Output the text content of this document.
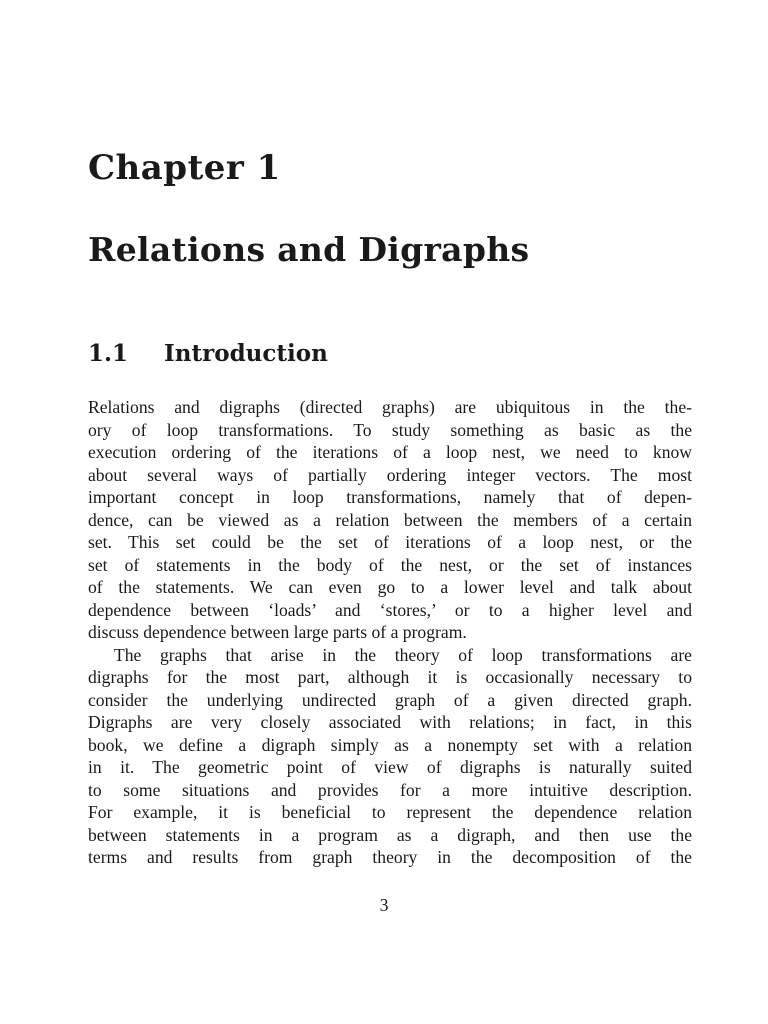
Chapter 1
Relations and Digraphs
1.1 Introduction
Relations and digraphs (directed graphs) are ubiquitous in the the-
ory of loop transformations. To study something as basic as the
execution ordering of the iterations of a loop nest, we need to know
about several ways of partially ordering integer vectors. The most
important concept in loop transformations, namely that of depen-
dence, can be viewed as a relation between the members of a certain
set. This set could be the set of iterations of a loop nest, or the
set of statements in the body of the nest, or the set of instances
of the statements. We can even go to a lower level and talk about
dependence between ‘loads’ and ‘stores,’ or to a higher level and
discuss dependence between large parts of a program.
The graphs that arise in the theory of loop transformations are
digraphs for the most part, although it is occasionally necessary to
consider the underlying undirected graph of a given directed graph.
Digraphs are very closely associated with relations; in fact, in this
book, we define a digraph simply as a nonempty set with a relation
in it. The geometric point of view of digraphs is naturally suited
to some situations and provides for a more intuitive description.
For example, it is beneficial to represent the dependence relation
between statements in a program as a digraph, and then use the
terms and results from graph theory in the decomposition of the
3
